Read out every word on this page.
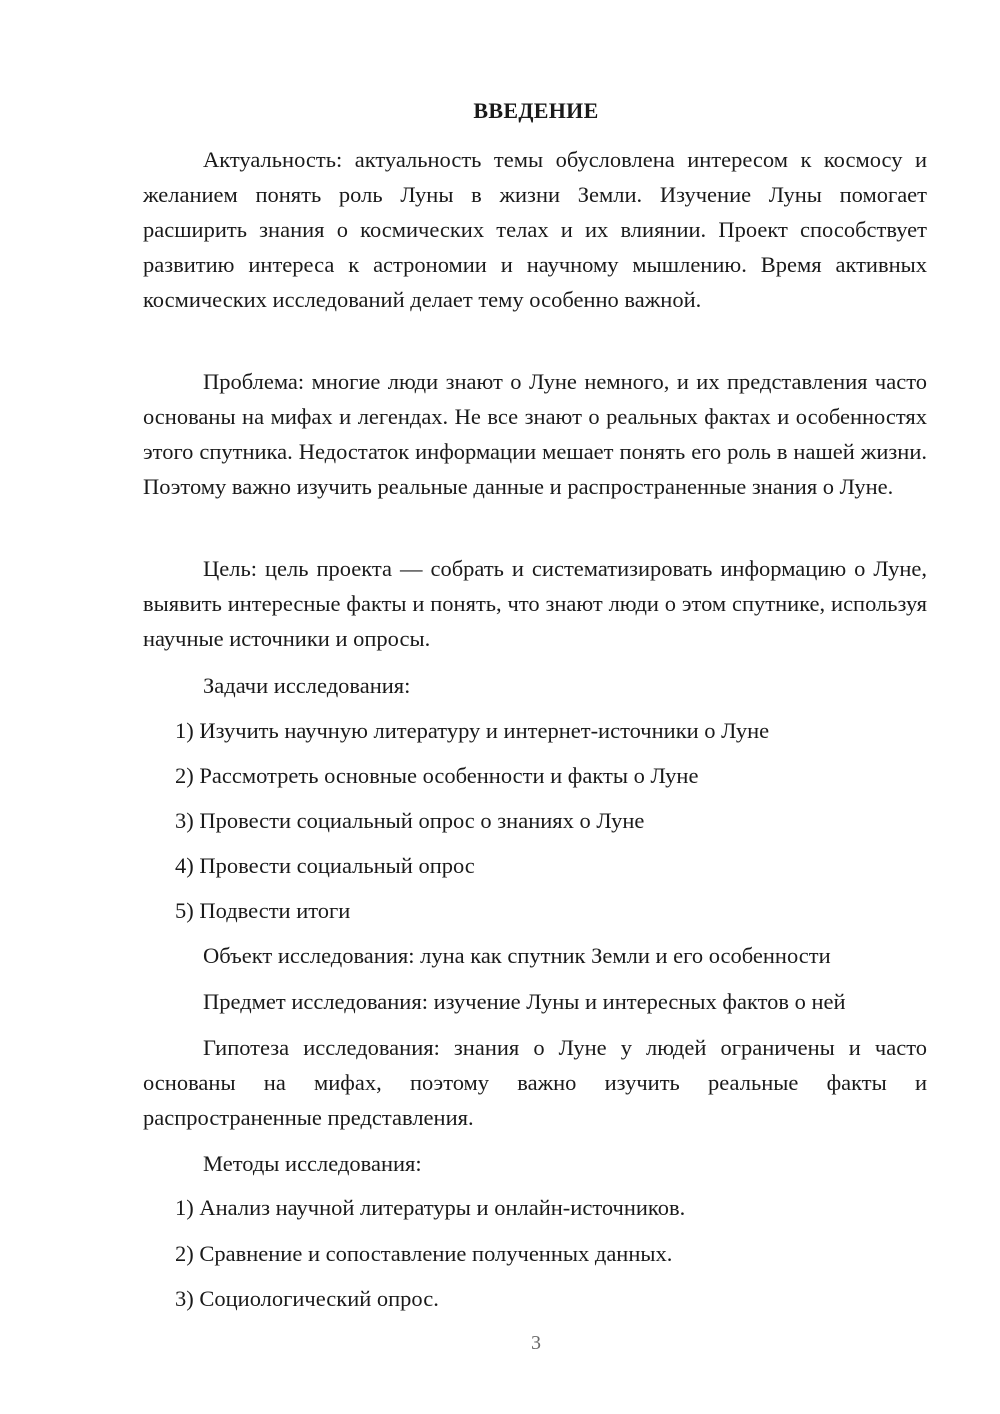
ВВЕДЕНИЕ

Актуальность: актуальность темы обусловлена интересом к космосу и желанием понять роль Луны в жизни Земли. Изучение Луны помогает расширить знания о космических телах и их влиянии. Проект способствует развитию интереса к астрономии и научному мышлению. Время активных космических исследований делает тему особенно важной.

Проблема: многие люди знают о Луне немного, и их представления часто основаны на мифах и легендах. Не все знают о реальных фактах и особенностях этого спутника. Недостаток информации мешает понять его роль в нашей жизни. Поэтому важно изучить реальные данные и распространенные знания о Луне.

Цель: цель проекта — собрать и систематизировать информацию о Луне, выявить интересные факты и понять, что знают люди о этом спутнике, используя научные источники и опросы.

Задачи исследования:

1) Изучить научную литературу и интернет-источники о Луне

2) Рассмотреть основные особенности и факты о Луне

3) Провести социальный опрос о знаниях о Луне

4) Провести социальный опрос

5) Подвести итоги

Объект исследования: луна как спутник Земли и его особенности

Предмет исследования: изучение Луны и интересных фактов о ней

Гипотеза исследования: знания о Луне у людей ограничены и часто основаны на мифах, поэтому важно изучить реальные факты и распространенные представления.

Методы исследования:

1) Анализ научной литературы и онлайн-источников.

2) Сравнение и сопоставление полученных данных.

3) Социологический опрос.

3
